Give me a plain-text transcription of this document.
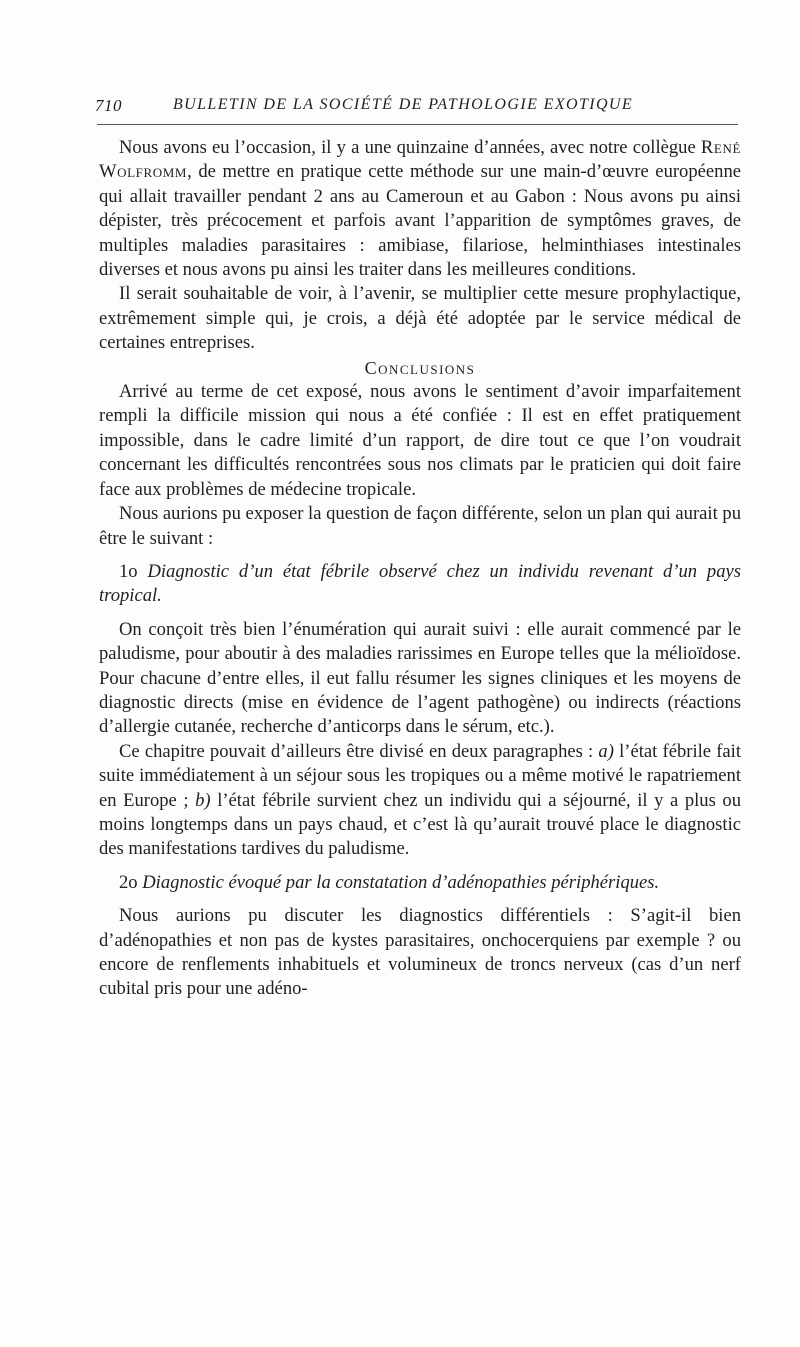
710	BULLETIN DE LA SOCIÉTÉ DE PATHOLOGIE EXOTIQUE

Nous avons eu l’occasion, il y a une quinzaine d’années, avec notre collègue René Wolfromm, de mettre en pratique cette méthode sur une main-d’œuvre européenne qui allait travailler pendant 2 ans au Cameroun et au Gabon : Nous avons pu ainsi dépister, très précocement et parfois avant l’apparition de symptômes graves, de multiples maladies parasitaires : amibiase, filariose, helminthiases intestinales diverses et nous avons pu ainsi les traiter dans les meilleures conditions.

Il serait souhaitable de voir, à l’avenir, se multiplier cette mesure prophylactique, extrêmement simple qui, je crois, a déjà été adoptée par le service médical de certaines entreprises.

Conclusions

Arrivé au terme de cet exposé, nous avons le sentiment d’avoir imparfaitement rempli la difficile mission qui nous a été confiée : Il est en effet pratiquement impossible, dans le cadre limité d’un rapport, de dire tout ce que l’on voudrait concernant les difficultés rencontrées sous nos climats par le praticien qui doit faire face aux problèmes de médecine tropicale.

Nous aurions pu exposer la question de façon différente, selon un plan qui aurait pu être le suivant :

1o Diagnostic d’un état fébrile observé chez un individu revenant d’un pays tropical.

On conçoit très bien l’énumération qui aurait suivi : elle aurait commencé par le paludisme, pour aboutir à des maladies rarissimes en Europe telles que la mélioïdose. Pour chacune d’entre elles, il eut fallu résumer les signes cliniques et les moyens de diagnostic directs (mise en évidence de l’agent pathogène) ou indirects (réactions d’allergie cutanée, recherche d’anticorps dans le sérum, etc.).

Ce chapitre pouvait d’ailleurs être divisé en deux paragraphes : a) l’état fébrile fait suite immédiatement à un séjour sous les tropiques ou a même motivé le rapatriement en Europe ; b) l’état fébrile survient chez un individu qui a séjourné, il y a plus ou moins longtemps dans un pays chaud, et c’est là qu’aurait trouvé place le diagnostic des manifestations tardives du paludisme.

2o Diagnostic évoqué par la constatation d’adénopathies périphériques.

Nous aurions pu discuter les diagnostics différentiels : S’agit-il bien d’adénopathies et non pas de kystes parasitaires, onchocerquiens par exemple ? ou encore de renflements inhabituels et volumineux de troncs nerveux (cas d’un nerf cubital pris pour une adéno-
